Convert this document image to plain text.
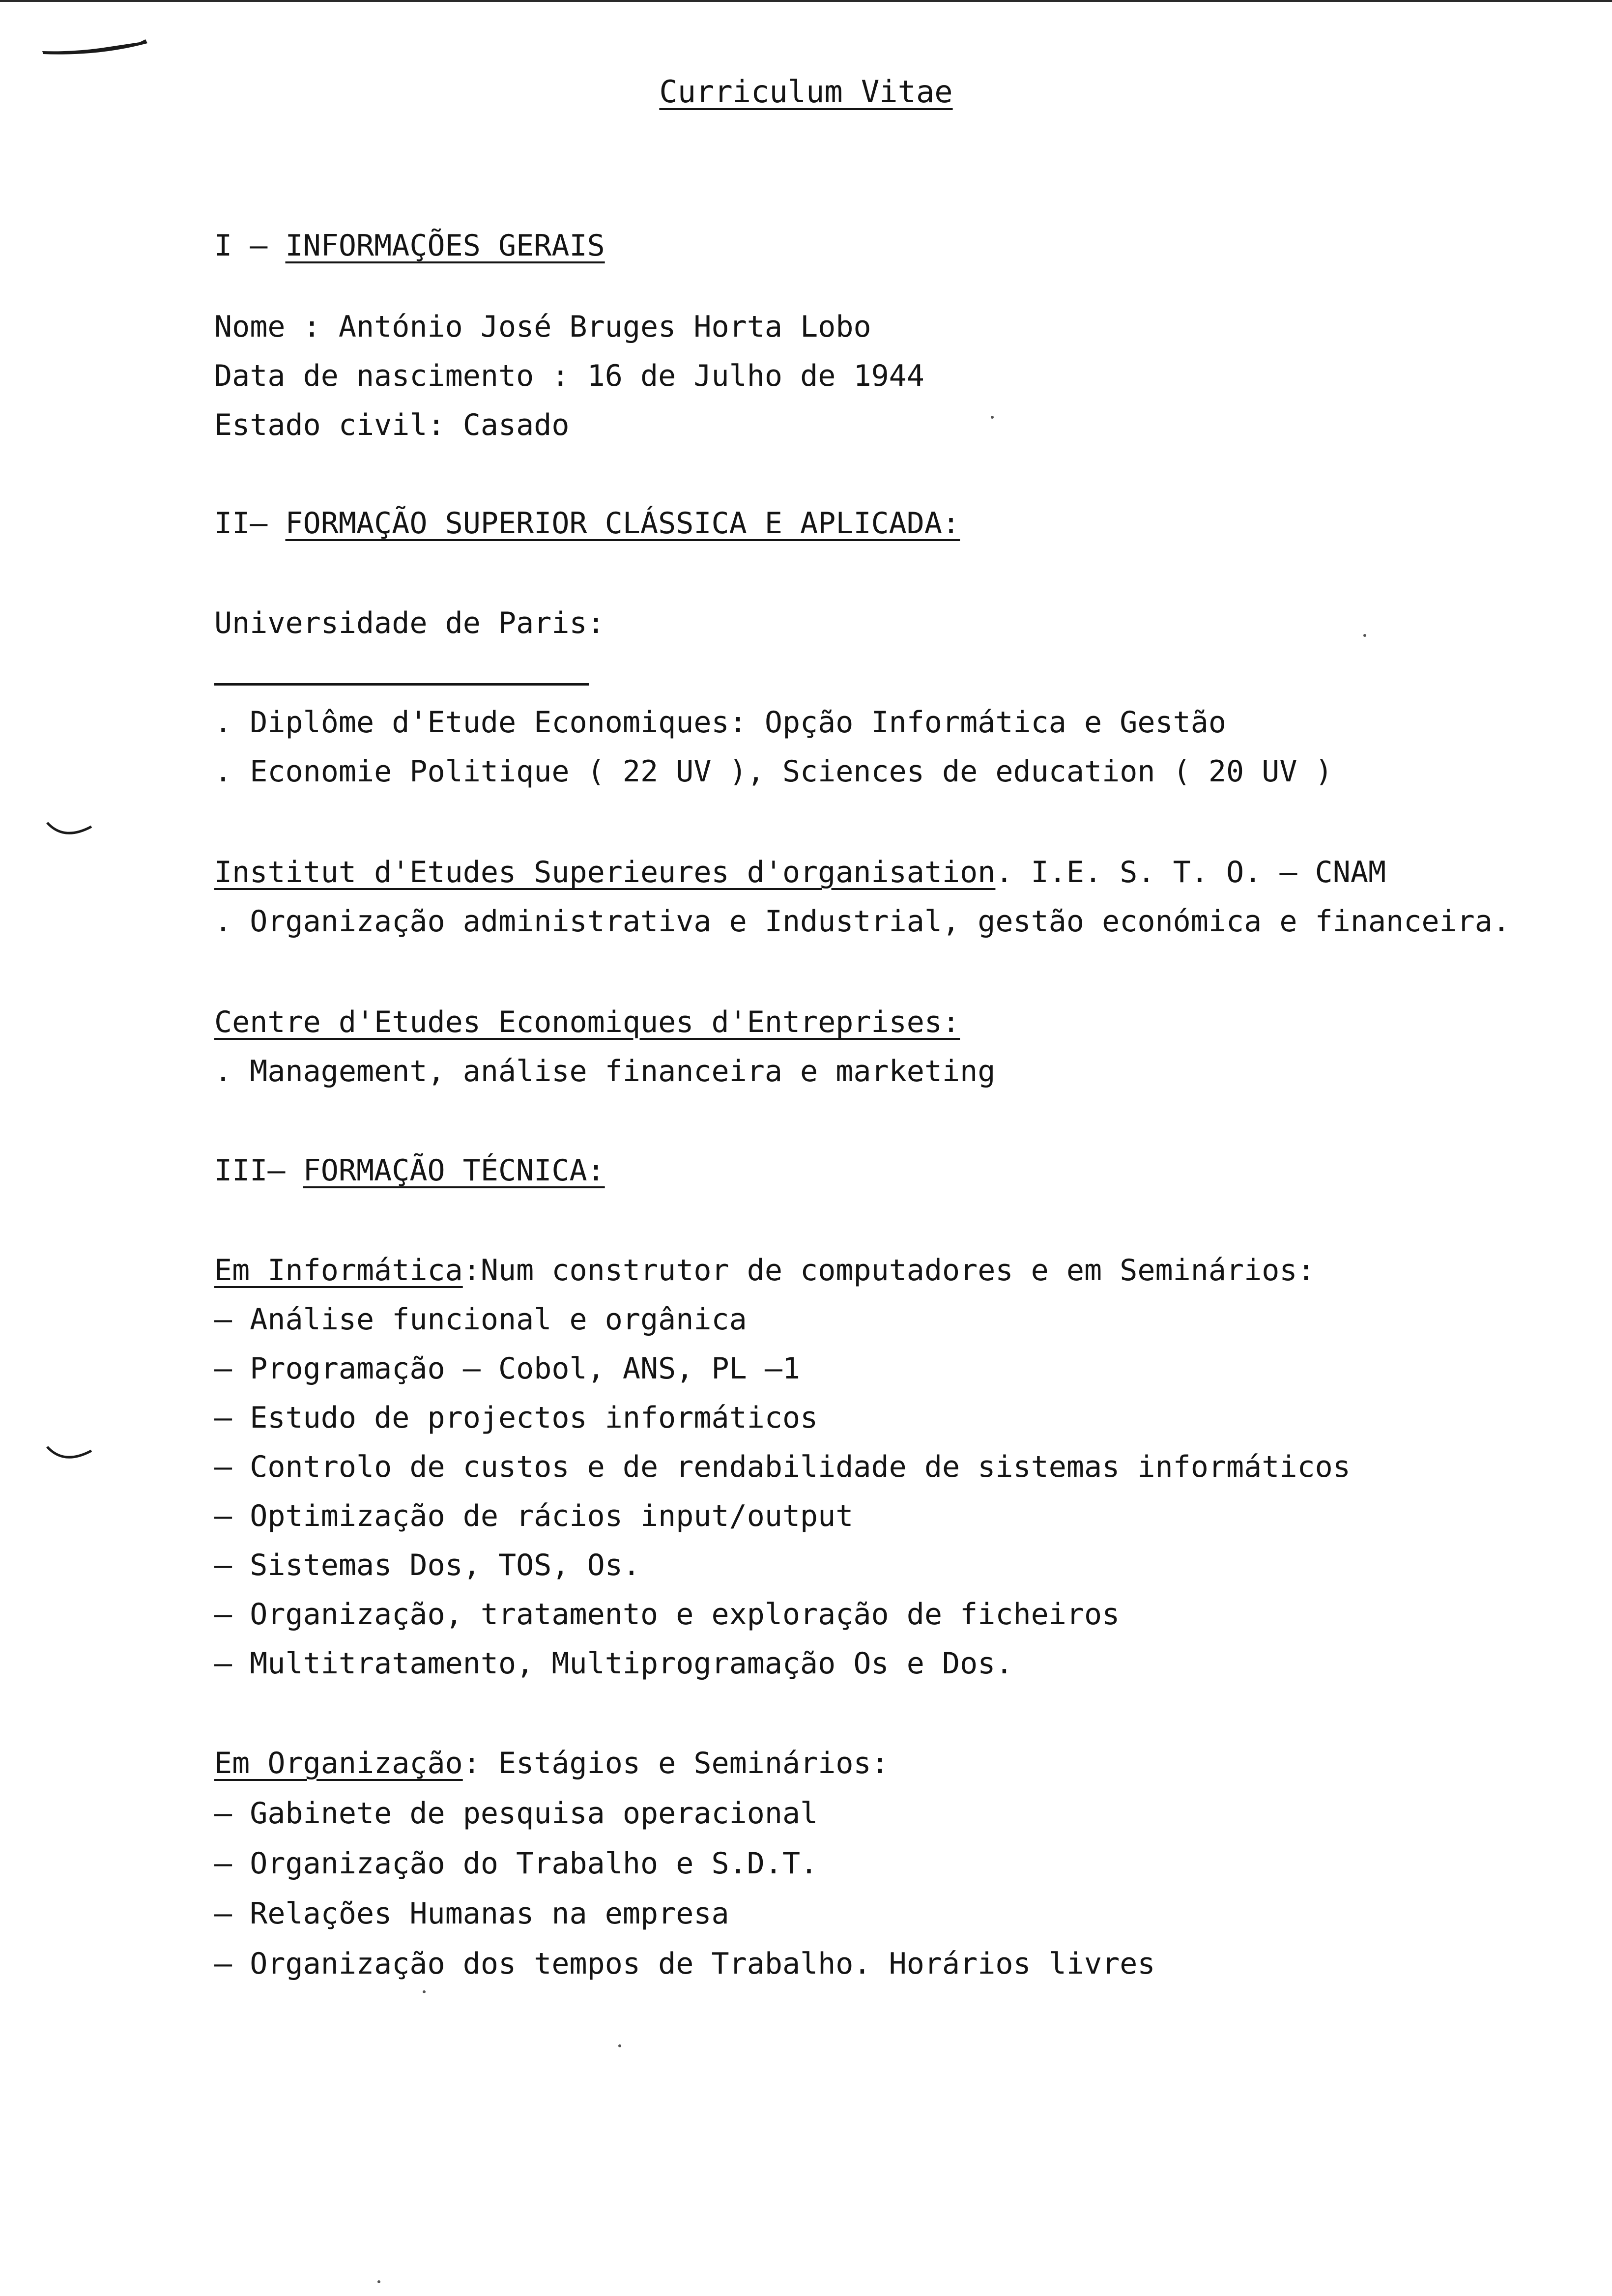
Curriculum Vitae
I – INFORMAÇÕES GERAIS
Nome : António José Bruges Horta Lobo
Data de nascimento : 16 de Julho de 1944
Estado civil: Casado
II– FORMAÇÃO SUPERIOR CLÁSSICA E APLICADA:
Universidade de Paris:
. Diplôme d'Etude Economiques: Opção Informática e Gestão
. Economie Politique ( 22 UV ), Sciences de education ( 20 UV )
Institut d'Etudes Superieures d'organisation. I.E. S. T. O. – CNAM
. Organização administrativa e Industrial, gestão económica e financeira.
Centre d'Etudes Economiques d'Entreprises:
. Management, análise financeira e marketing
III– FORMAÇÃO TÉCNICA:
Em Informática:Num construtor de computadores e em Seminários:
– Análise funcional e orgânica
– Programação – Cobol, ANS, PL –1
– Estudo de projectos informáticos
– Controlo de custos e de rendabilidade de sistemas informáticos
– Optimização de rácios input/output
– Sistemas Dos, TOS, Os.
– Organização, tratamento e exploração de ficheiros
– Multitratamento, Multiprogramação Os e Dos.
Em Organização: Estágios e Seminários:
– Gabinete de pesquisa operacional
– Organização do Trabalho e S.D.T.
– Relações Humanas na empresa
– Organização dos tempos de Trabalho. Horários livres
